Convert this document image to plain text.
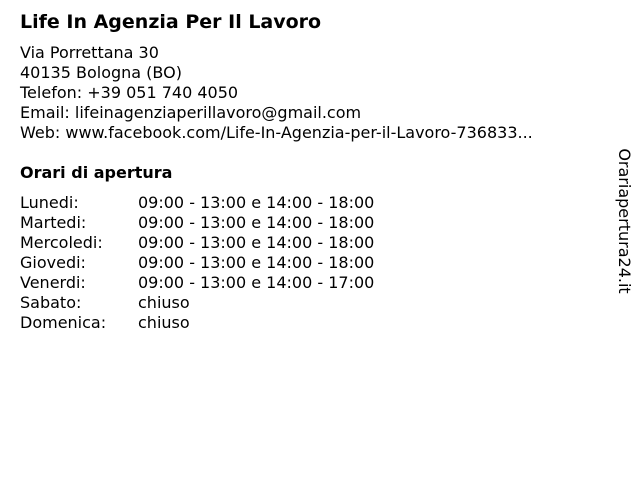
Life In Agenzia Per Il Lavoro
Via Porrettana 30
40135 Bologna (BO)
Telefon: +39 051 740 4050
Email: lifeinagenziaperillavoro@gmail.com
Web: www.facebook.com/Life-In-Agenzia-per-il-Lavoro-736833...
Orari di apertura
Lunedi:	09:00 - 13:00 e 14:00 - 18:00
Martedi:	09:00 - 13:00 e 14:00 - 18:00
Mercoledi: 09:00 - 13:00 e 14:00 - 18:00
Giovedi:	09:00 - 13:00 e 14:00 - 18:00
Venerdi:	09:00 - 13:00 e 14:00 - 17:00
Sabato:	chiuso
Domenica: chiuso
Orariapertura24.it
